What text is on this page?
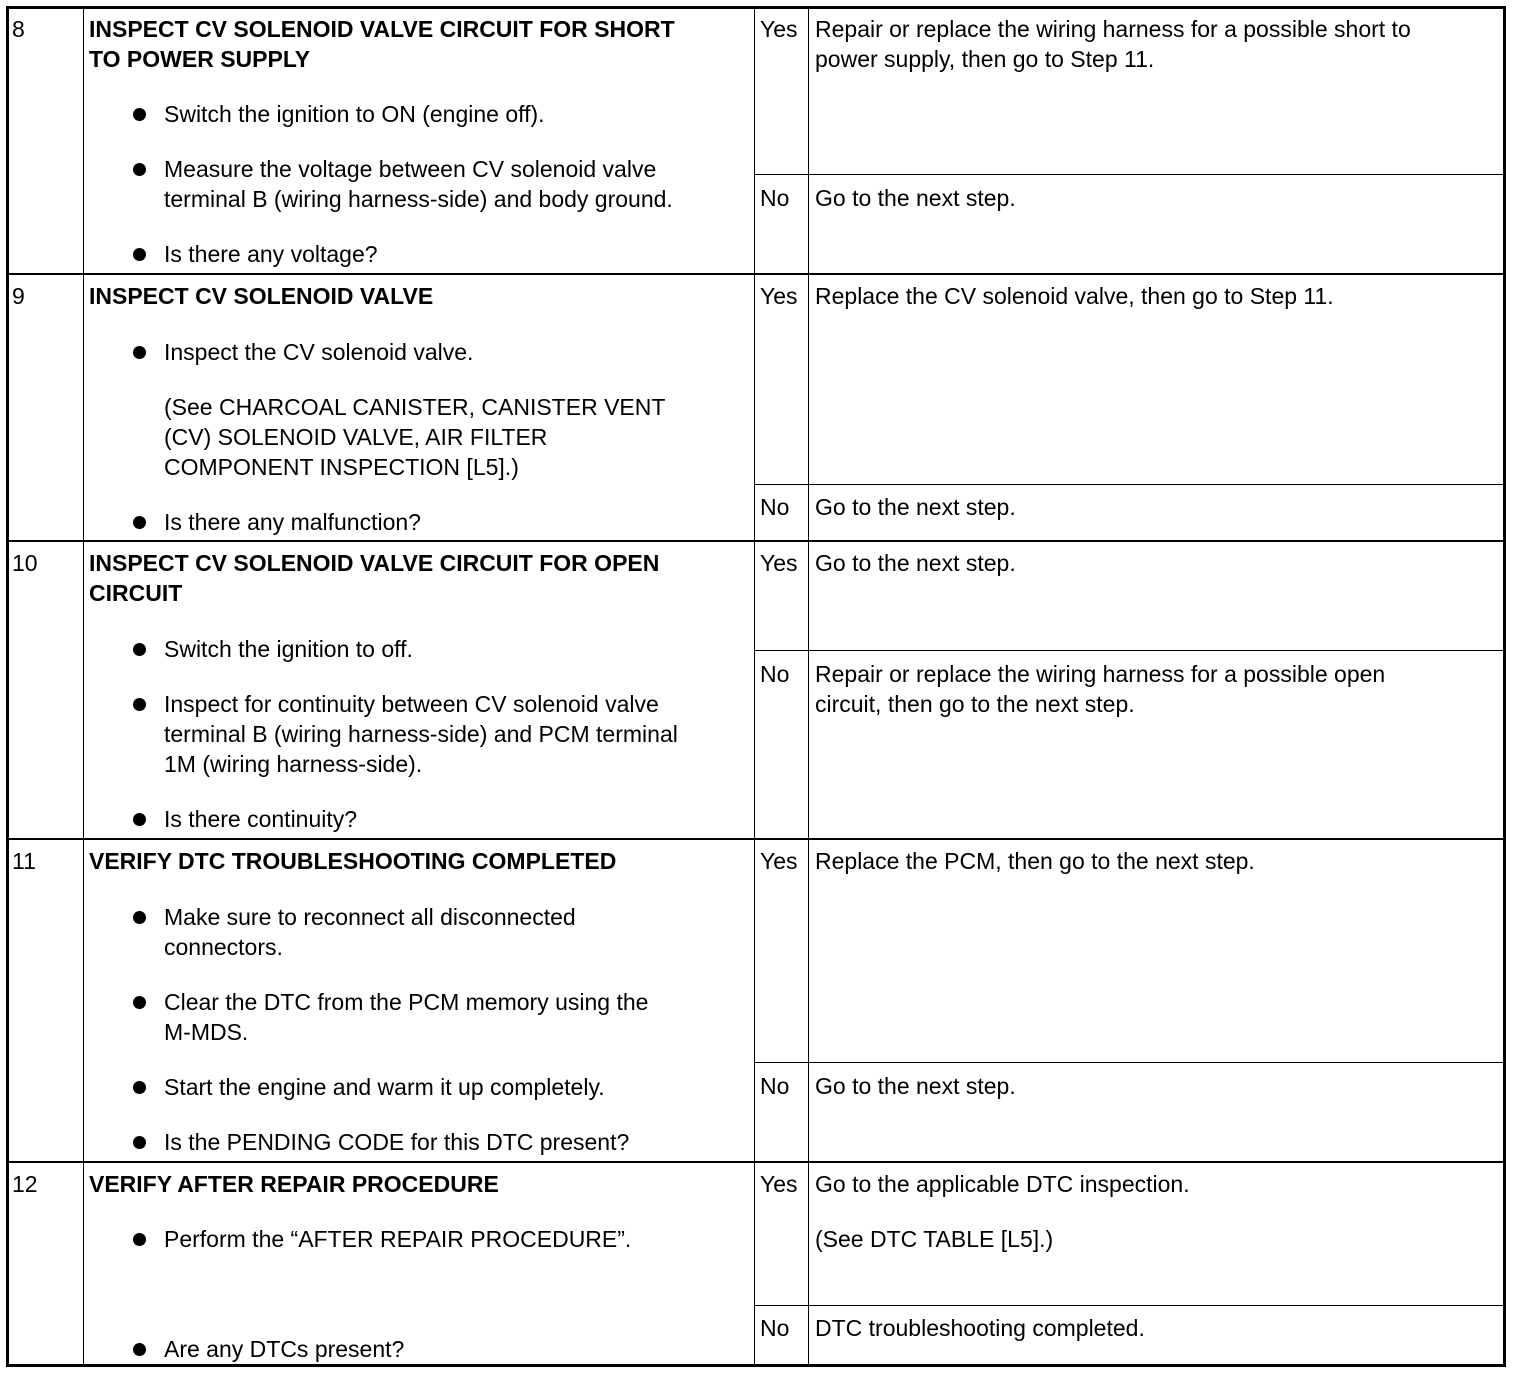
8	INSPECT CV SOLENOID VALVE CIRCUIT FOR SHORT
TO POWER SUPPLY
Switch the ignition to ON (engine off).
Measure the voltage between CV solenoid valve
terminal B (wiring harness-side) and body ground.
Is there any voltage?
Yes Repair or replace the wiring harness for a possible short to
power supply, then go to Step 11.
No Go to the next step.
9	INSPECT CV SOLENOID VALVE
Inspect the CV solenoid valve.
(See CHARCOAL CANISTER, CANISTER VENT
(CV) SOLENOID VALVE, AIR FILTER
COMPONENT INSPECTION [L5].)
Is there any malfunction?
Yes Replace the CV solenoid valve, then go to Step 11.
No Go to the next step.
10 INSPECT CV SOLENOID VALVE CIRCUIT FOR OPEN
CIRCUIT
Switch the ignition to off.
Inspect for continuity between CV solenoid valve
terminal B (wiring harness-side) and PCM terminal
1M (wiring harness-side).
Is there continuity?
Yes Go to the next step.
No Repair or replace the wiring harness for a possible open
circuit, then go to the next step.
11 VERIFY DTC TROUBLESHOOTING COMPLETED
Make sure to reconnect all disconnected
connectors.
Clear the DTC from the PCM memory using the
M-MDS.
Start the engine and warm it up completely.
Is the PENDING CODE for this DTC present?
Yes Replace the PCM, then go to the next step.
No Go to the next step.
12 VERIFY AFTER REPAIR PROCEDURE
Perform the “AFTER REPAIR PROCEDURE”.
Are any DTCs present?
Yes Go to the applicable DTC inspection.
(See DTC TABLE [L5].)
No DTC troubleshooting completed.
